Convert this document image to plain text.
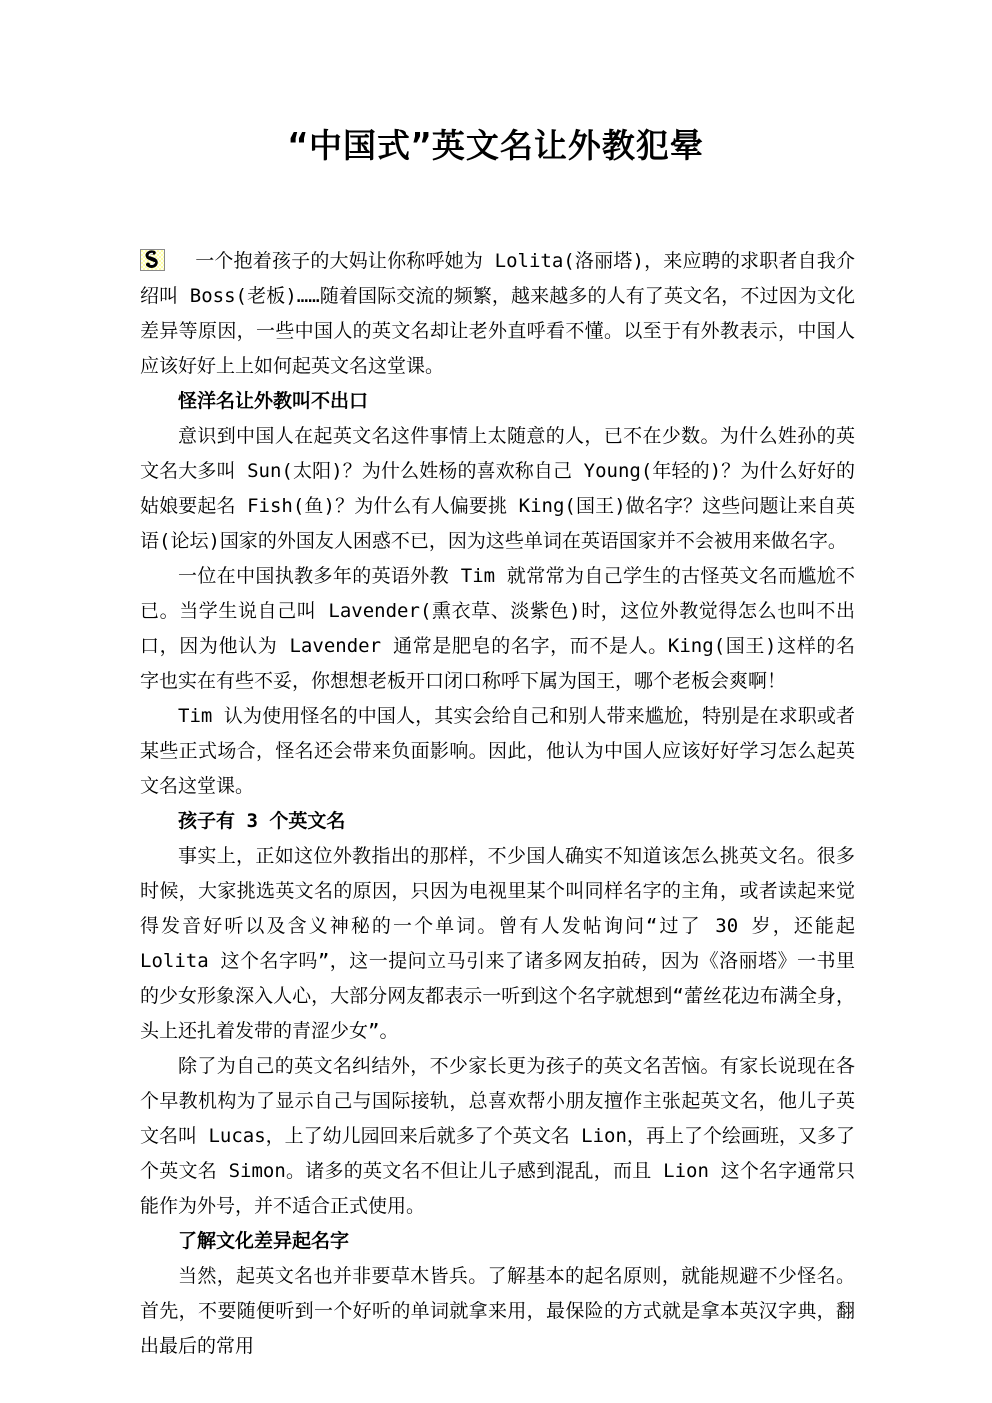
“中国式”英文名让外教犯晕

一个抱着孩子的大妈让你称呼她为 Lolita(洛丽塔)，来应聘的求职者自我介绍叫 Boss(老板)……随着国际交流的频繁，越来越多的人有了英文名，不过因为文化差异等原因，一些中国人的英文名却让老外直呼看不懂。以至于有外教表示，中国人应该好好上上如何起英文名这堂课。

怪洋名让外教叫不出口

意识到中国人在起英文名这件事情上太随意的人，已不在少数。为什么姓孙的英文名大多叫 Sun(太阳)？为什么姓杨的喜欢称自己 Young(年轻的)？为什么好好的姑娘要起名 Fish(鱼)？为什么有人偏要挑 King(国王)做名字？这些问题让来自英语(论坛)国家的外国友人困惑不已，因为这些单词在英语国家并不会被用来做名字。

一位在中国执教多年的英语外教 Tim 就常常为自己学生的古怪英文名而尴尬不已。当学生说自己叫 Lavender(熏衣草、淡紫色)时，这位外教觉得怎么也叫不出口，因为他认为 Lavender 通常是肥皂的名字，而不是人。King(国王)这样的名字也实在有些不妥，你想想老板开口闭口称呼下属为国王，哪个老板会爽啊！

Tim 认为使用怪名的中国人，其实会给自己和别人带来尴尬，特别是在求职或者某些正式场合，怪名还会带来负面影响。因此，他认为中国人应该好好学习怎么起英文名这堂课。

孩子有 3 个英文名

事实上，正如这位外教指出的那样，不少国人确实不知道该怎么挑英文名。很多时候，大家挑选英文名的原因，只因为电视里某个叫同样名字的主角，或者读起来觉得发音好听以及含义神秘的一个单词。曾有人发帖询问“过了 30 岁，还能起 Lolita 这个名字吗”，这一提问立马引来了诸多网友拍砖，因为《洛丽塔》一书里的少女形象深入人心，大部分网友都表示一听到这个名字就想到“蕾丝花边布满全身，头上还扎着发带的青涩少女”。

除了为自己的英文名纠结外，不少家长更为孩子的英文名苦恼。有家长说现在各个早教机构为了显示自己与国际接轨，总喜欢帮小朋友擅作主张起英文名，他儿子英文名叫 Lucas，上了幼儿园回来后就多了个英文名 Lion，再上了个绘画班，又多了个英文名 Simon。诸多的英文名不但让儿子感到混乱，而且 Lion 这个名字通常只能作为外号，并不适合正式使用。

了解文化差异起名字

当然，起英文名也并非要草木皆兵。了解基本的起名原则，就能规避不少怪名。首先，不要随便听到一个好听的单词就拿来用，最保险的方式就是拿本英汉字典，翻出最后的常用
